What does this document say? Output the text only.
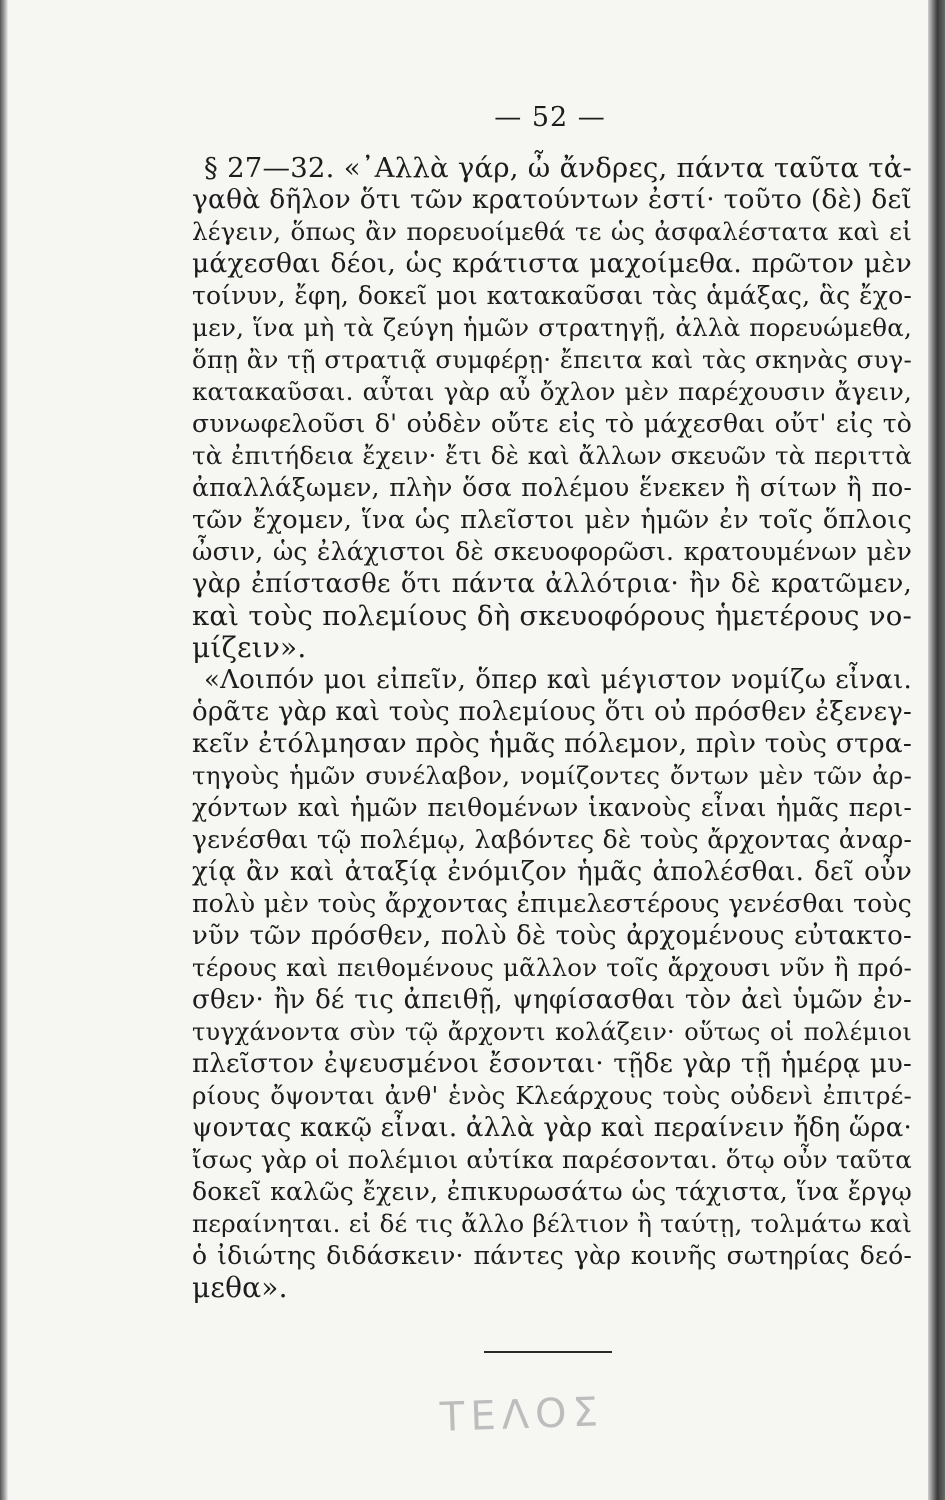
— 52 —
§ 27—32. «᾿Αλλὰ γάρ, ὦ ἄνδρες, πάντα ταῦτα τἀ-
γαθὰ δῆλον ὅτι τῶν κρατούντων ἐστί· τοῦτο (δὲ) δεῖ
λέγειν, ὅπως ἂν πορευοίμεθά τε ὡς ἀσφαλέστατα καὶ εἰ
μάχεσθαι δέοι, ὡς κράτιστα μαχοίμεθα. πρῶτον μὲν
τοίνυν, ἔφη, δοκεῖ μοι κατακαῦσαι τὰς ἁμάξας, ἃς ἔχο-
μεν, ἵνα μὴ τὰ ζεύγη ἡμῶν στρατηγῇ, ἀλλὰ πορευώμεθα,
ὅπῃ ἂν τῇ στρατιᾷ συμφέρῃ· ἔπειτα καὶ τὰς σκηνὰς συγ-
κατακαῦσαι. αὗται γὰρ αὖ ὄχλον μὲν παρέχουσιν ἄγειν,
συνωφελοῦσι δ' οὐδὲν οὔτε εἰς τὸ μάχεσθαι οὔτ' εἰς τὸ
τὰ ἐπιτήδεια ἔχειν· ἔτι δὲ καὶ ἄλλων σκευῶν τὰ περιττὰ
ἀπαλλάξωμεν, πλὴν ὅσα πολέμου ἕνεκεν ἢ σίτων ἢ πο-
τῶν ἔχομεν, ἵνα ὡς πλεῖστοι μὲν ἡμῶν ἐν τοῖς ὅπλοις
ὦσιν, ὡς ἐλάχιστοι δὲ σκευοφορῶσι. κρατουμένων μὲν
γὰρ ἐπίστασθε ὅτι πάντα ἀλλότρια· ἢν δὲ κρατῶμεν,
καὶ τοὺς πολεμίους δὴ σκευοφόρους ἡμετέρους νο-
μίζειν».
«Λοιπόν μοι εἰπεῖν, ὅπερ καὶ μέγιστον νομίζω εἶναι.
ὁρᾶτε γὰρ καὶ τοὺς πολεμίους ὅτι οὐ πρόσθεν ἐξενεγ-
κεῖν ἐτόλμησαν πρὸς ἡμᾶς πόλεμον, πρὶν τοὺς στρα-
τηγοὺς ἡμῶν συνέλαβον, νομίζοντες ὄντων μὲν τῶν ἀρ-
χόντων καὶ ἡμῶν πειθομένων ἱκανοὺς εἶναι ἡμᾶς περι-
γενέσθαι τῷ πολέμῳ, λαβόντες δὲ τοὺς ἄρχοντας ἀναρ-
χίᾳ ἂν καὶ ἀταξίᾳ ἐνόμιζον ἡμᾶς ἀπολέσθαι. δεῖ οὖν
πολὺ μὲν τοὺς ἄρχοντας ἐπιμελεστέρους γενέσθαι τοὺς
νῦν τῶν πρόσθεν, πολὺ δὲ τοὺς ἀρχομένους εὐτακτο-
τέρους καὶ πειθομένους μᾶλλον τοῖς ἄρχουσι νῦν ἢ πρό-
σθεν· ἢν δέ τις ἀπειθῇ, ψηφίσασθαι τὸν ἀεὶ ὑμῶν ἐν-
τυγχάνοντα σὺν τῷ ἄρχοντι κολάζειν· οὕτως οἱ πολέμιοι
πλεῖστον ἐψευσμένοι ἔσονται· τῇδε γὰρ τῇ ἡμέρᾳ μυ-
ρίους ὄψονται ἀνθ' ἑνὸς Κλεάρχους τοὺς οὐδενὶ ἐπιτρέ-
ψοντας κακῷ εἶναι. ἀλλὰ γὰρ καὶ περαίνειν ἤδη ὥρα·
ἴσως γὰρ οἱ πολέμιοι αὐτίκα παρέσονται. ὅτῳ οὖν ταῦτα
δοκεῖ καλῶς ἔχειν, ἐπικυρωσάτω ὡς τάχιστα, ἵνα ἔργῳ
περαίνηται. εἰ δέ τις ἄλλο βέλτιον ἢ ταύτῃ, τολμάτω καὶ
ὁ ἰδιώτης διδάσκειν· πάντες γὰρ κοινῆς σωτηρίας δεό-
μεθα».
ΤΕΛΟΣ
